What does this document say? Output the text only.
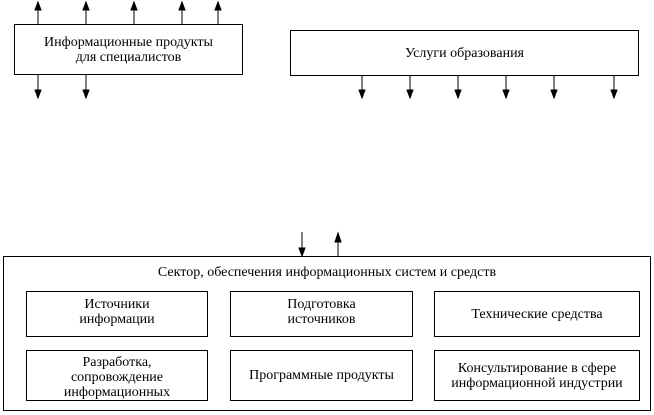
Информационные продукты
для специалистов	Услуги образования
Сектор, обеспечения информационных систем и средств
Источники
информации
Подготовка
источников	Технические средства
Разработка,
сопровождение
информационных
Программные продукты	Консультирование в сфере
информационной индустрии
